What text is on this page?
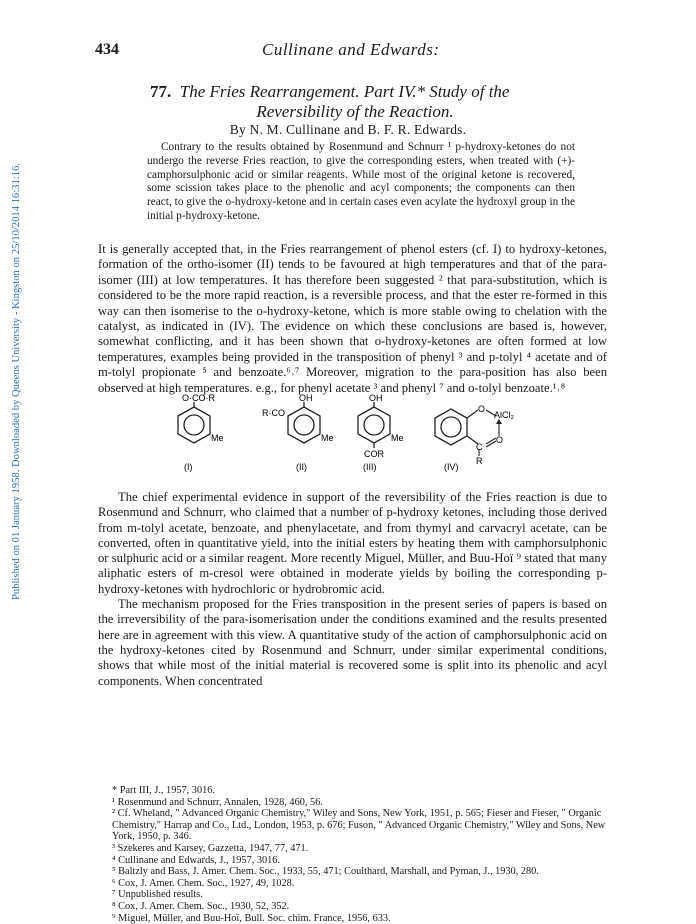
434	Cullinane and Edwards:
Published on 01 January 1958. Downloaded by Queens University - Kingston on 25/10/2014 16:31:16.
77. The Fries Rearrangement. Part IV.* Study of the
Reversibility of the Reaction.
By N. M. Cullinane and B. F. R. Edwards.

Contrary to the results obtained by Rosenmund and Schnurr ¹ p-hydroxy-ketones do not undergo the reverse Fries reaction, to give the corresponding esters, when treated with (+)-camphorsulphonic acid or similar reagents. While most of the original ketone is recovered, some scission takes place to the phenolic and acyl components; the components can then react, to give the o-hydroxy-ketone and in certain cases even acylate the hydroxyl group in the initial p-hydroxy-ketone.

It is generally accepted that, in the Fries rearrangement of phenol esters (cf. I) to hydroxy-ketones, formation of the ortho-isomer (II) tends to be favoured at high temperatures and that of the para-isomer (III) at low temperatures. It has therefore been suggested ² that para-substitution, which is considered to be the more rapid reaction, is a reversible process, and that the ester re-formed in this way can then isomerise to the o-hydroxy-ketone, which is more stable owing to chelation with the catalyst, as indicated in (IV). The evidence on which these conclusions are based is, however, somewhat conflicting, and it has been shown that o-hydroxy-ketones are often formed at low temperatures, examples being provided in the transposition of phenyl ³ and p-tolyl ⁴ acetate and of m-tolyl propionate ⁵ and benzoate.⁶˒⁷ Moreover, migration to the para-position has also been observed at high temperatures. e.g., for phenyl acetate ³ and phenyl ⁷ and o-tolyl benzoate.¹˒⁸

O·CO·R
Me
(I)
OH
R·CO
Me
(II)
OH
Me
COR
(III)
O
AlCl₂
O
C
R
(IV)

The chief experimental evidence in support of the reversibility of the Fries reaction is due to Rosenmund and Schnurr, who claimed that a number of p-hydroxy ketones, including those derived from m-tolyl acetate, benzoate, and phenylacetate, and from thymyl and carvacryl acetate, can be converted, often in quantitative yield, into the initial esters by heating them with camphorsulphonic or sulphuric acid or a similar reagent. More recently Miguel, Müller, and Buu-Hoï ⁹ stated that many aliphatic esters of m-cresol were obtained in moderate yields by boiling the corresponding p-hydroxy-ketones with hydrochloric or hydrobromic acid.

The mechanism proposed for the Fries transposition in the present series of papers is based on the irreversibility of the para-isomerisation under the conditions examined and the results presented here are in agreement with this view. A quantitative study of the action of camphorsulphonic acid on the hydroxy-ketones cited by Rosenmund and Schnurr, under similar experimental conditions, shows that while most of the initial material is recovered some is split into its phenolic and acyl components. When concentrated

* Part III, J., 1957, 3016.
¹ Rosenmund and Schnurr, Annalen, 1928, 460, 56.
² Cf. Wheland, " Advanced Organic Chemistry," Wiley and Sons, New York, 1951, p. 565; Fieser and Fieser, " Organic Chemistry," Harrap and Co., Ltd., London, 1953, p. 676; Fuson, " Advanced Organic Chemistry," Wiley and Sons, New York, 1950, p. 346.
³ Szekeres and Karsey, Gazzetta, 1947, 77, 471.
⁴ Cullinane and Edwards, J., 1957, 3016.
⁵ Baltzly and Bass, J. Amer. Chem. Soc., 1933, 55, 471; Coulthard, Marshall, and Pyman, J., 1930, 280.
⁶ Cox, J. Amer. Chem. Soc., 1927, 49, 1028.
⁷ Unpublished results.
⁸ Cox, J. Amer. Chem. Soc., 1930, 52, 352.
⁹ Miguel, Müller, and Buu-Hoï, Bull. Soc. chim. France, 1956, 633.
